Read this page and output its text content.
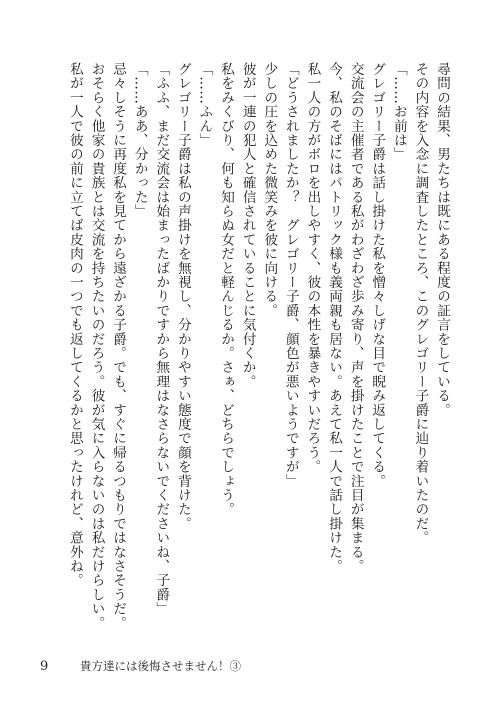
尋問の結果、男たちは既にある程度の証言をしている。
その内容を入念に調査したところ、このグレゴリー子爵に辿り着いたのだ。
「……お前は」
グレゴリー子爵は話し掛けた私を憎々しげな目で睨み返してくる。
交流会の主催者である私がわざわざ歩み寄り、声を掛けたことで注目が集まる。
今、私のそばにはパトリック様も義両親も居ない。あえて私一人で話し掛けた。
私一人の方がボロを出しやすく、彼の本性を暴きやすいだろう。
「どうされましたか？　グレゴリー子爵、顔色が悪いようですが」
少しの圧を込めた微笑みを彼に向ける。
彼が一連の犯人と確信されていることに気付くか。
私をみくびり、何も知らぬ女だと軽んじるか。さぁ、どちらでしょう。
「……ふん」
グレゴリー子爵は私の声掛けを無視し、分かりやすい態度で顔を背けた。
「ふふ、まだ交流会は始まったばかりですから無理はなさらないでくださいね、子爵」
「……ああ、分かった」
忌々しそうに再度私を見てから遠ざかる子爵。でも、すぐに帰るつもりではなさそうだ。
おそらく他家の貴族とは交流を持ちたいのだろう。彼が気に入らないのは私だけらしい。
私が一人で彼の前に立てば皮肉の一つでも返してくるかと思ったけれど、意外ね。
9	貴方達には後悔させません！③
